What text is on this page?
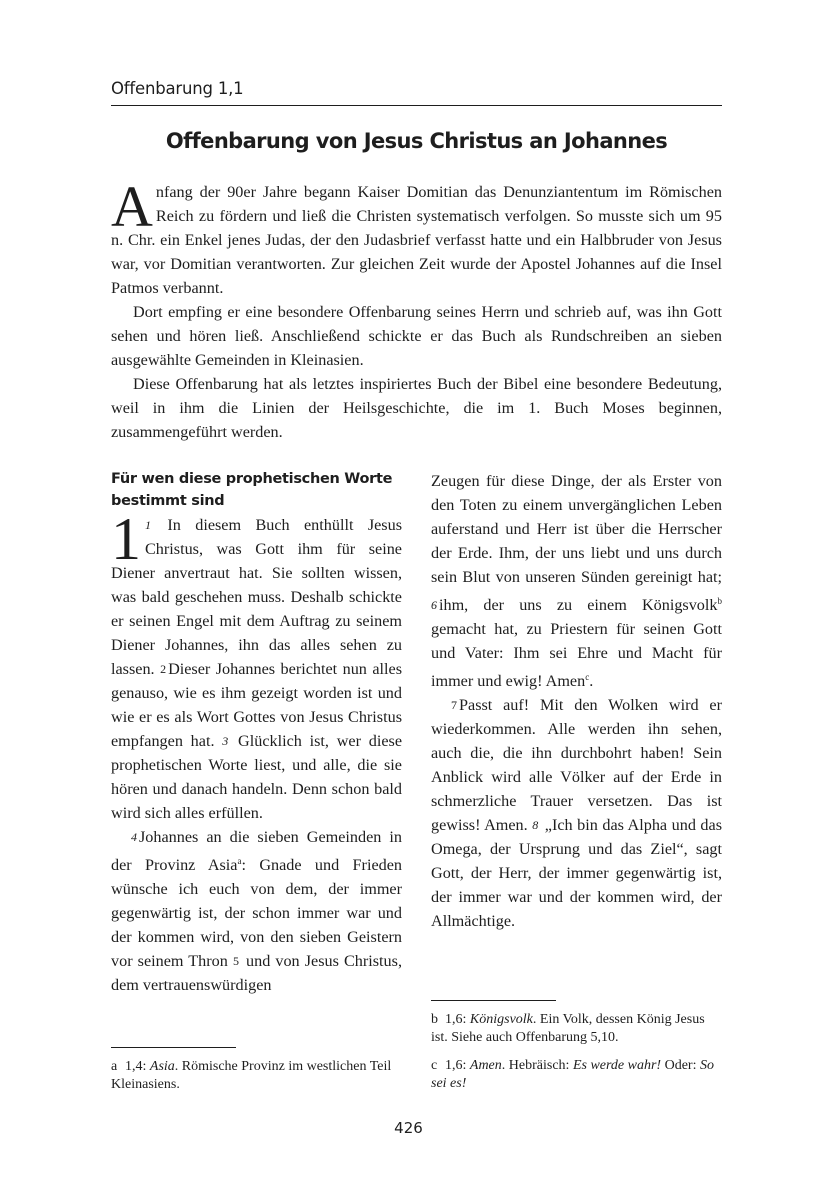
Offenbarung 1,1
Offenbarung von Jesus Christus an Johannes

Anfang der 90er Jahre begann Kaiser Domitian das Denunziantentum im Römischen Reich zu fördern und ließ die Christen systematisch verfolgen. So musste sich um 95 n. Chr. ein Enkel jenes Judas, der den Judasbrief verfasst hatte und ein Halbbruder von Jesus war, vor Domitian verantworten. Zur gleichen Zeit wurde der Apostel Johannes auf die Insel Patmos verbannt.

Dort empfing er eine besondere Offenbarung seines Herrn und schrieb auf, was ihn Gott sehen und hören ließ. Anschließend schickte er das Buch als Rundschreiben an sieben ausgewählte Gemeinden in Kleinasien.

Diese Offenbarung hat als letztes inspiriertes Buch der Bibel eine besondere Bedeutung, weil in ihm die Linien der Heilsgeschichte, die im 1. Buch Moses beginnen, zusammengeführt werden.

Für wen diese prophetischen Worte bestimmt sind

1 1 In diesem Buch enthüllt Jesus Christus, was Gott ihm für seine Diener anvertraut hat. Sie sollten wissen, was bald geschehen muss. Deshalb schickte er seinen Engel mit dem Auftrag zu seinem Diener Johannes, ihn das alles sehen zu lassen. 2 Dieser Johannes berichtet nun alles genauso, wie es ihm gezeigt worden ist und wie er es als Wort Gottes von Jesus Christus empfangen hat. 3 Glücklich ist, wer diese prophetischen Worte liest, und alle, die sie hören und danach handeln. Denn schon bald wird sich alles erfüllen.

4 Johannes an die sieben Gemeinden in der Provinz Asia$^a$: Gnade und Frieden wünsche ich euch von dem, der immer gegenwärtig ist, der schon immer war und der kommen wird, von den sieben Geistern vor seinem Thron 5 und von Jesus Christus, dem vertrauenswürdigen

Zeugen für diese Dinge, der als Erster von den Toten zu einem unvergänglichen Leben auferstand und Herr ist über die Herrscher der Erde. Ihm, der uns liebt und uns durch sein Blut von unseren Sünden gereinigt hat; 6 ihm, der uns zu einem Königsvolk$^b$ gemacht hat, zu Priestern für seinen Gott und Vater: Ihm sei Ehre und Macht für immer und ewig! Amen$^c$.

7 Passt auf! Mit den Wolken wird er wiederkommen. Alle werden ihn sehen, auch die, die ihn durchbohrt haben! Sein Anblick wird alle Völker auf der Erde in schmerzliche Trauer versetzen. Das ist gewiss! Amen. 8 „Ich bin das Alpha und das Omega, der Ursprung und das Ziel“, sagt Gott, der Herr, der immer gegenwärtig ist, der immer war und der kommen wird, der Allmächtige.

a 1,4: Asia. Römische Provinz im westlichen Teil Kleinasiens.
b 1,6: Königsvolk. Ein Volk, dessen König Jesus ist. Siehe auch Offenbarung 5,10.
c 1,6: Amen. Hebräisch: Es werde wahr! Oder: So sei es!
426
